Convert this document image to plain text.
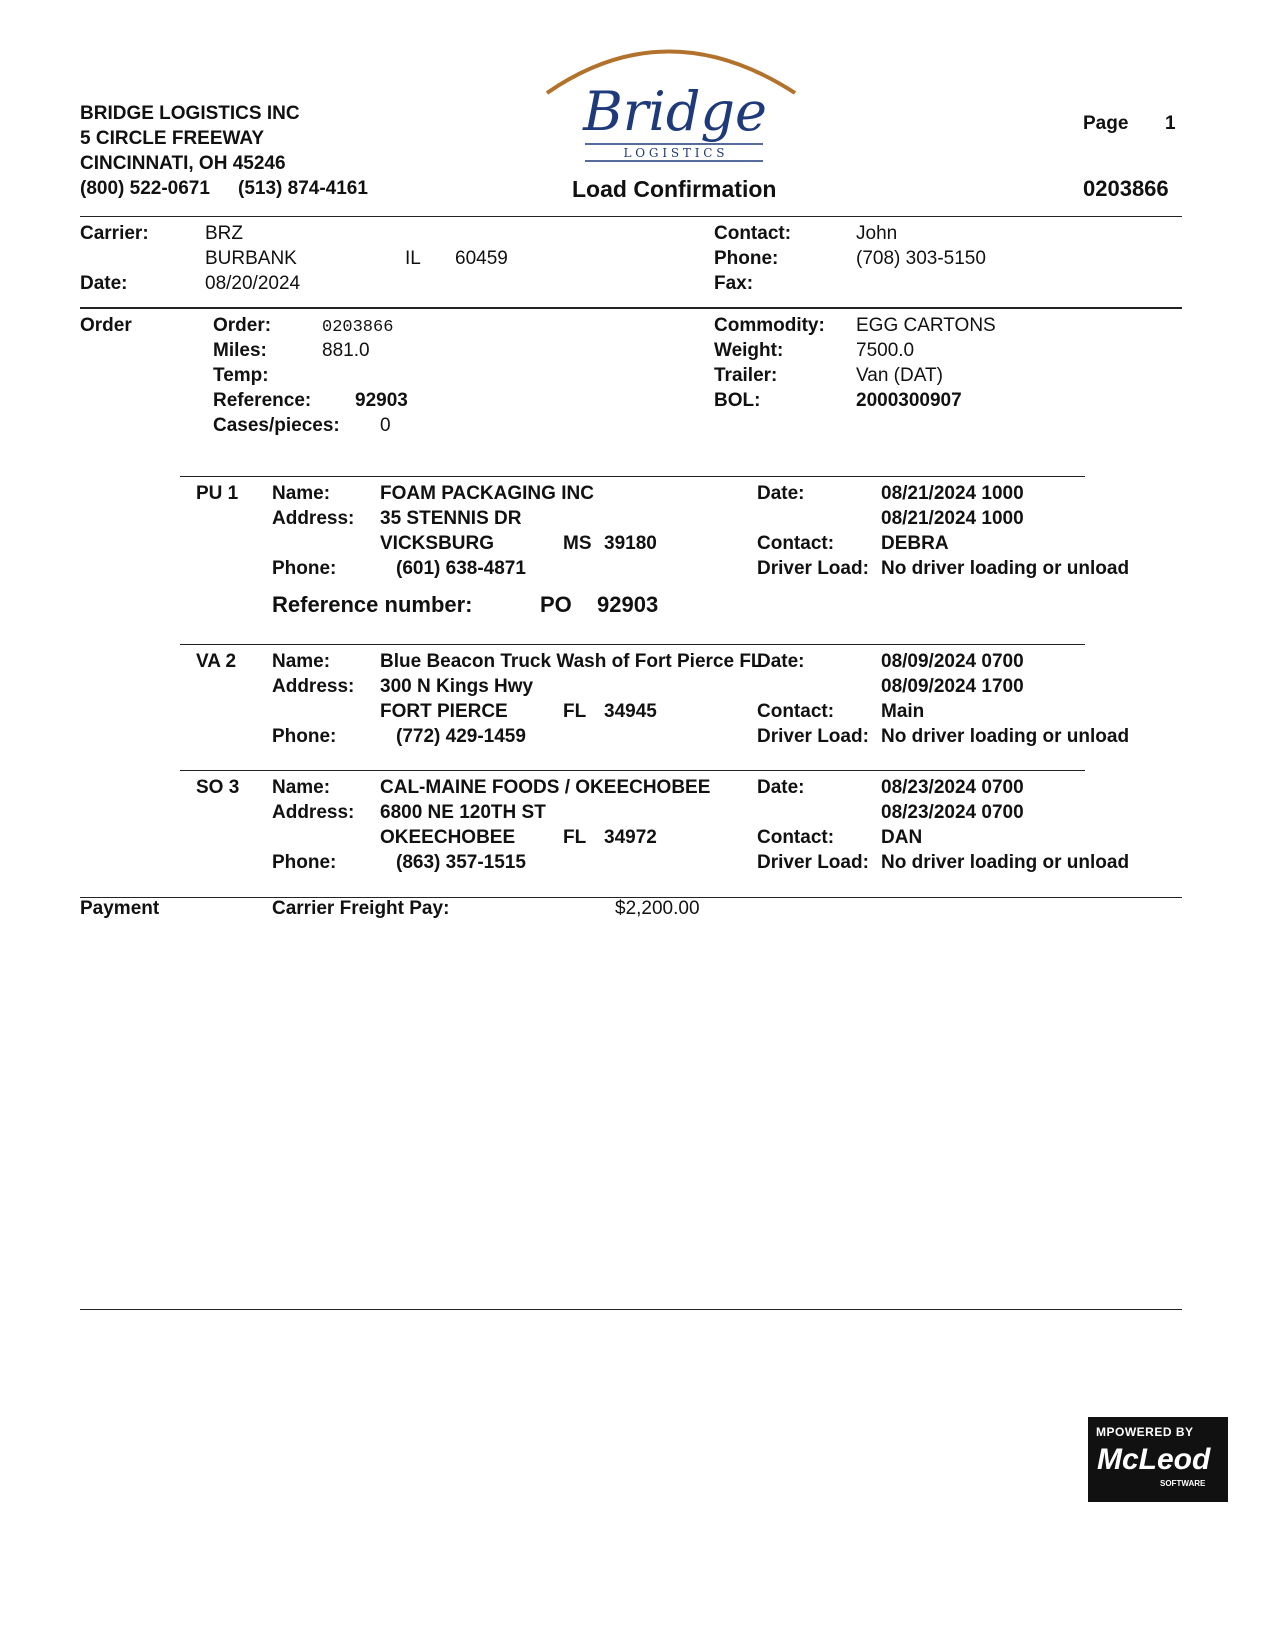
BRIDGE LOGISTICS INC
5 CIRCLE FREEWAY
CINCINNATI, OH 45246
(800) 522-0671 (513) 874-4161
Bridge
L O G I S T I C S
Load Confirmation
Page 1
0203866
Carrier:	BRZ
BURBANK	IL 60459
Date:	08/20/2024
Contact:	John
Phone:	(708) 303-5150
Fax:
Order	Order:	0203866
Miles:	881.0
Temp:
Reference: 92903
Cases/pieces: 0
Commodity: EGG CARTONS
Weight:	7500.0
Trailer:	Van (DAT)
BOL:	2000300907
PU 1 Name:	FOAM PACKAGING INC
Address: 35 STENNIS DR
VICKSBURG	MS 39180
Phone:	(601) 638-4871
Date:	08/21/2024 1000
08/21/2024 1000
Contact: DEBRA
Driver Load: No driver loading or unload
Reference number:	PO 92903
VA 2 Name:	Blue Beacon Truck Wash of Fort Pierce FL
Address: 300 N Kings Hwy
FORT PIERCE	FL 34945
Phone:	(772) 429-1459
Date:	08/09/2024 0700
08/09/2024 1700
Contact: Main
Driver Load: No driver loading or unload
SO 3 Name:	CAL-MAINE FOODS / OKEECHOBEE
Address: 6800 NE 120TH ST
OKEECHOBEE	FL 34972
Phone:	(863) 357-1515
Date:	08/23/2024 0700
08/23/2024 0700
Contact: DAN
Driver Load: No driver loading or unload
Payment	Carrier Freight Pay:	$2,200.00
MPOWERED BY
McLeod
SOFTWARE
